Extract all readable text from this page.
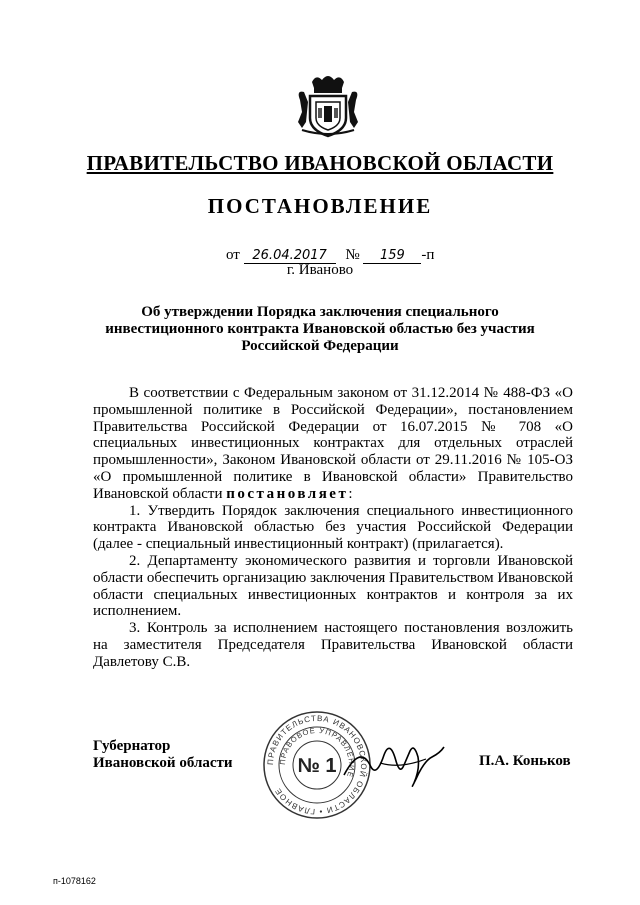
ПРАВИТЕЛЬСТВО ИВАНОВСКОЙ ОБЛАСТИ
ПОСТАНОВЛЕНИЕ
от 26.04.2017 № 159 -п
г. Иваново
Об утверждении Порядка заключения специального инвестиционного контракта Ивановской областью без участия Российской Федерации

В соответствии с Федеральным законом от 31.12.2014 № 488-ФЗ «О промышленной политике в Российской Федерации», постановлением Правительства Российской Федерации от 16.07.2015 № 708 «О специальных инвестиционных контрактах для отдельных отраслей промышленности», Законом Ивановской области от 29.11.2016 № 105-ОЗ «О промышленной политике в Ивановской области» Правительство Ивановской области постановляет:

1. Утвердить Порядок заключения специального инвестиционного контракта Ивановской областью без участия Российской Федерации (далее - специальный инвестиционный контракт) (прилагается).

2. Департаменту экономического развития и торговли Ивановской области обеспечить организацию заключения Правительством Ивановской области специальных инвестиционных контрактов и контроля за их исполнением.

3. Контроль за исполнением настоящего постановления возложить на заместителя Председателя Правительства Ивановской области Давлетову С.В.

Губернатор
Ивановской области	ПРАВИТЕЛЬСТВА ИВАНОВСКОЙ ОБЛАСТИ • ГЛАВНОЕ
ПРАВОВОЕ УПРАВЛЕНИЕ
№ 1	П.А. Коньков
п-1078162
